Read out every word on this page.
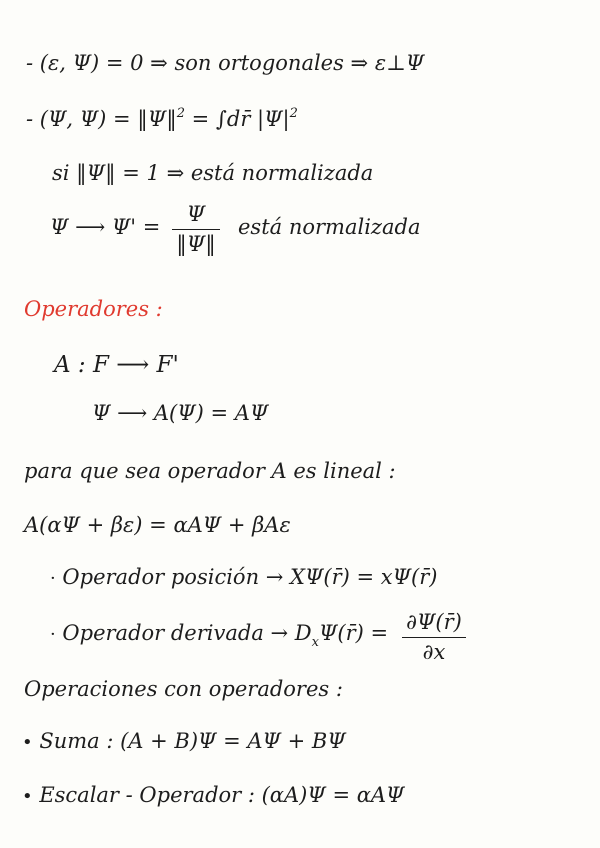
- (ε, Ψ) = 0 ⇒ son ortogonales ⇒ ε⊥Ψ
- (Ψ, Ψ) = ‖Ψ‖$^2$ = ∫dr̄ $|\Psi|^2$
si ‖Ψ‖ = 1 ⇒ está normalizada
Ψ ⟶ Ψ' =
Ψ
‖Ψ‖
está normalizada
Operadores :
A : F ⟶ F'
Ψ ⟶ A(Ψ) = AΨ
para que sea operador A es lineal :
A(αΨ + βε) = αAΨ + βAε
· Operador posición → XΨ(r̄) = xΨ(r̄)
· Operador derivada → $D_x\Psi(r̄)$ = ∂Ψ(r̄)
∂x
Operaciones con operadores :
• Suma : (A + B)Ψ = AΨ + BΨ
• Escalar - Operador : (αA)Ψ = αAΨ
